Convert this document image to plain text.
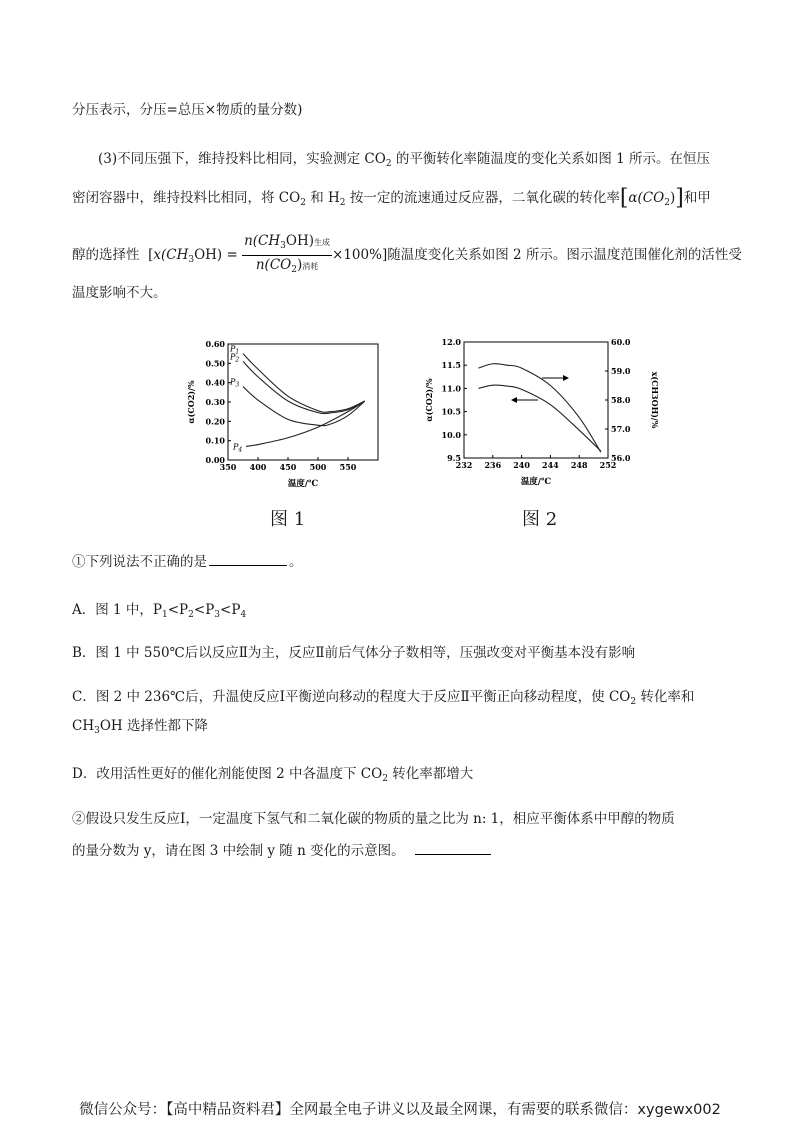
分压表示，分压=总压×物质的量分数)
(3)不同压强下，维持投料比相同，实验测定 $CO_2$ 的平衡转化率随温度的变化关系如图 1 所示。在恒压
密闭容器中，维持投料比相同，将 $CO_2$ 和 $H_2$ 按一定的流速通过反应器，二氧化碳的转化率$[\alpha(CO_2)]$和甲
醇的选择性  $[x(CH_3OH) = \frac{n(CH_3OH)生成}{n(CO_2)消耗} \times 100\%]$随温度变化关系如图 2 所示。图示温度范围催化剂的活性受
温度影响不大。
0.00
0.10
0.20
0.30
0.40
0.50
0.60
350 400 450 500 550
温度/℃
α(CO2)/%
$P_1$
$P_2$
$P_3$
$P_4$
图 1
9.5
10.0
10.5
11.0
11.5
12.0
56.0
57.0
58.0
59.0
60.0
232 236 240 244 248 252
温度/℃
α(CO2)/%	x(CH3OH)/%
图 2
①下列说法不正确的是	。
A．图 1 中，$P_1<P_2<P_3<P_4$
B．图 1 中 550℃后以反应Ⅱ为主，反应Ⅱ前后气体分子数相等，压强改变对平衡基本没有影响
C．图 2 中 236℃后，升温使反应Ⅰ平衡逆向移动的程度大于反应Ⅱ平衡正向移动程度，使 $CO_2$ 转化率和
$CH_3OH$ 选择性都下降
D．改用活性更好的催化剂能使图 2 中各温度下 $CO_2$ 转化率都增大
②假设只发生反应I，一定温度下氢气和二氧化碳的物质的量之比为 n: 1，相应平衡体系中甲醇的物质
的量分数为 y，请在图 3 中绘制 y 随 n 变化的示意图。
微信公众号：【高中精品资料君】全网最全电子讲义以及最全网课，有需要的联系微信：xygewx002
